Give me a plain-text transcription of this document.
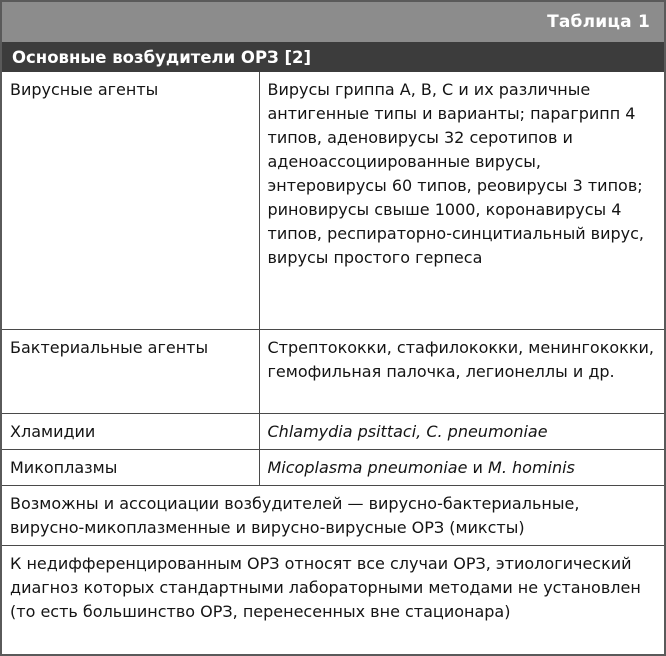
Таблица 1
Основные возбудители ОРЗ [2]
Вирусные агенты	Вирусы гриппа А, В, С и их различные антигенные типы и варианты; парагрипп 4 типов, аденовирусы 32 серотипов и аденоассоциированные вирусы, энтеровирусы 60 типов, реовирусы 3 типов; риновирусы свыше 1000, коронавирусы 4 типов, респираторно-синцитиальный вирус, вирусы простого герпеса
Бактериальные агенты	Стрептококки, стафилококки, менингококки, гемофильная палочка, легионеллы и др.
Хламидии	Chlamydia psittaci, C. pneumoniae
Микоплазмы	Micoplasma pneumoniae и M. hominis
Возможны и ассоциации возбудителей — вирусно-бактериальные, вирусно-микоплазменные и вирусно-вирусные ОРЗ (миксты)	
К недифференцированным ОРЗ относят все случаи ОРЗ, этиологический диагноз которых стандартными лабораторными методами не установлен (то есть большинство ОРЗ, перенесенных вне стационара)	
